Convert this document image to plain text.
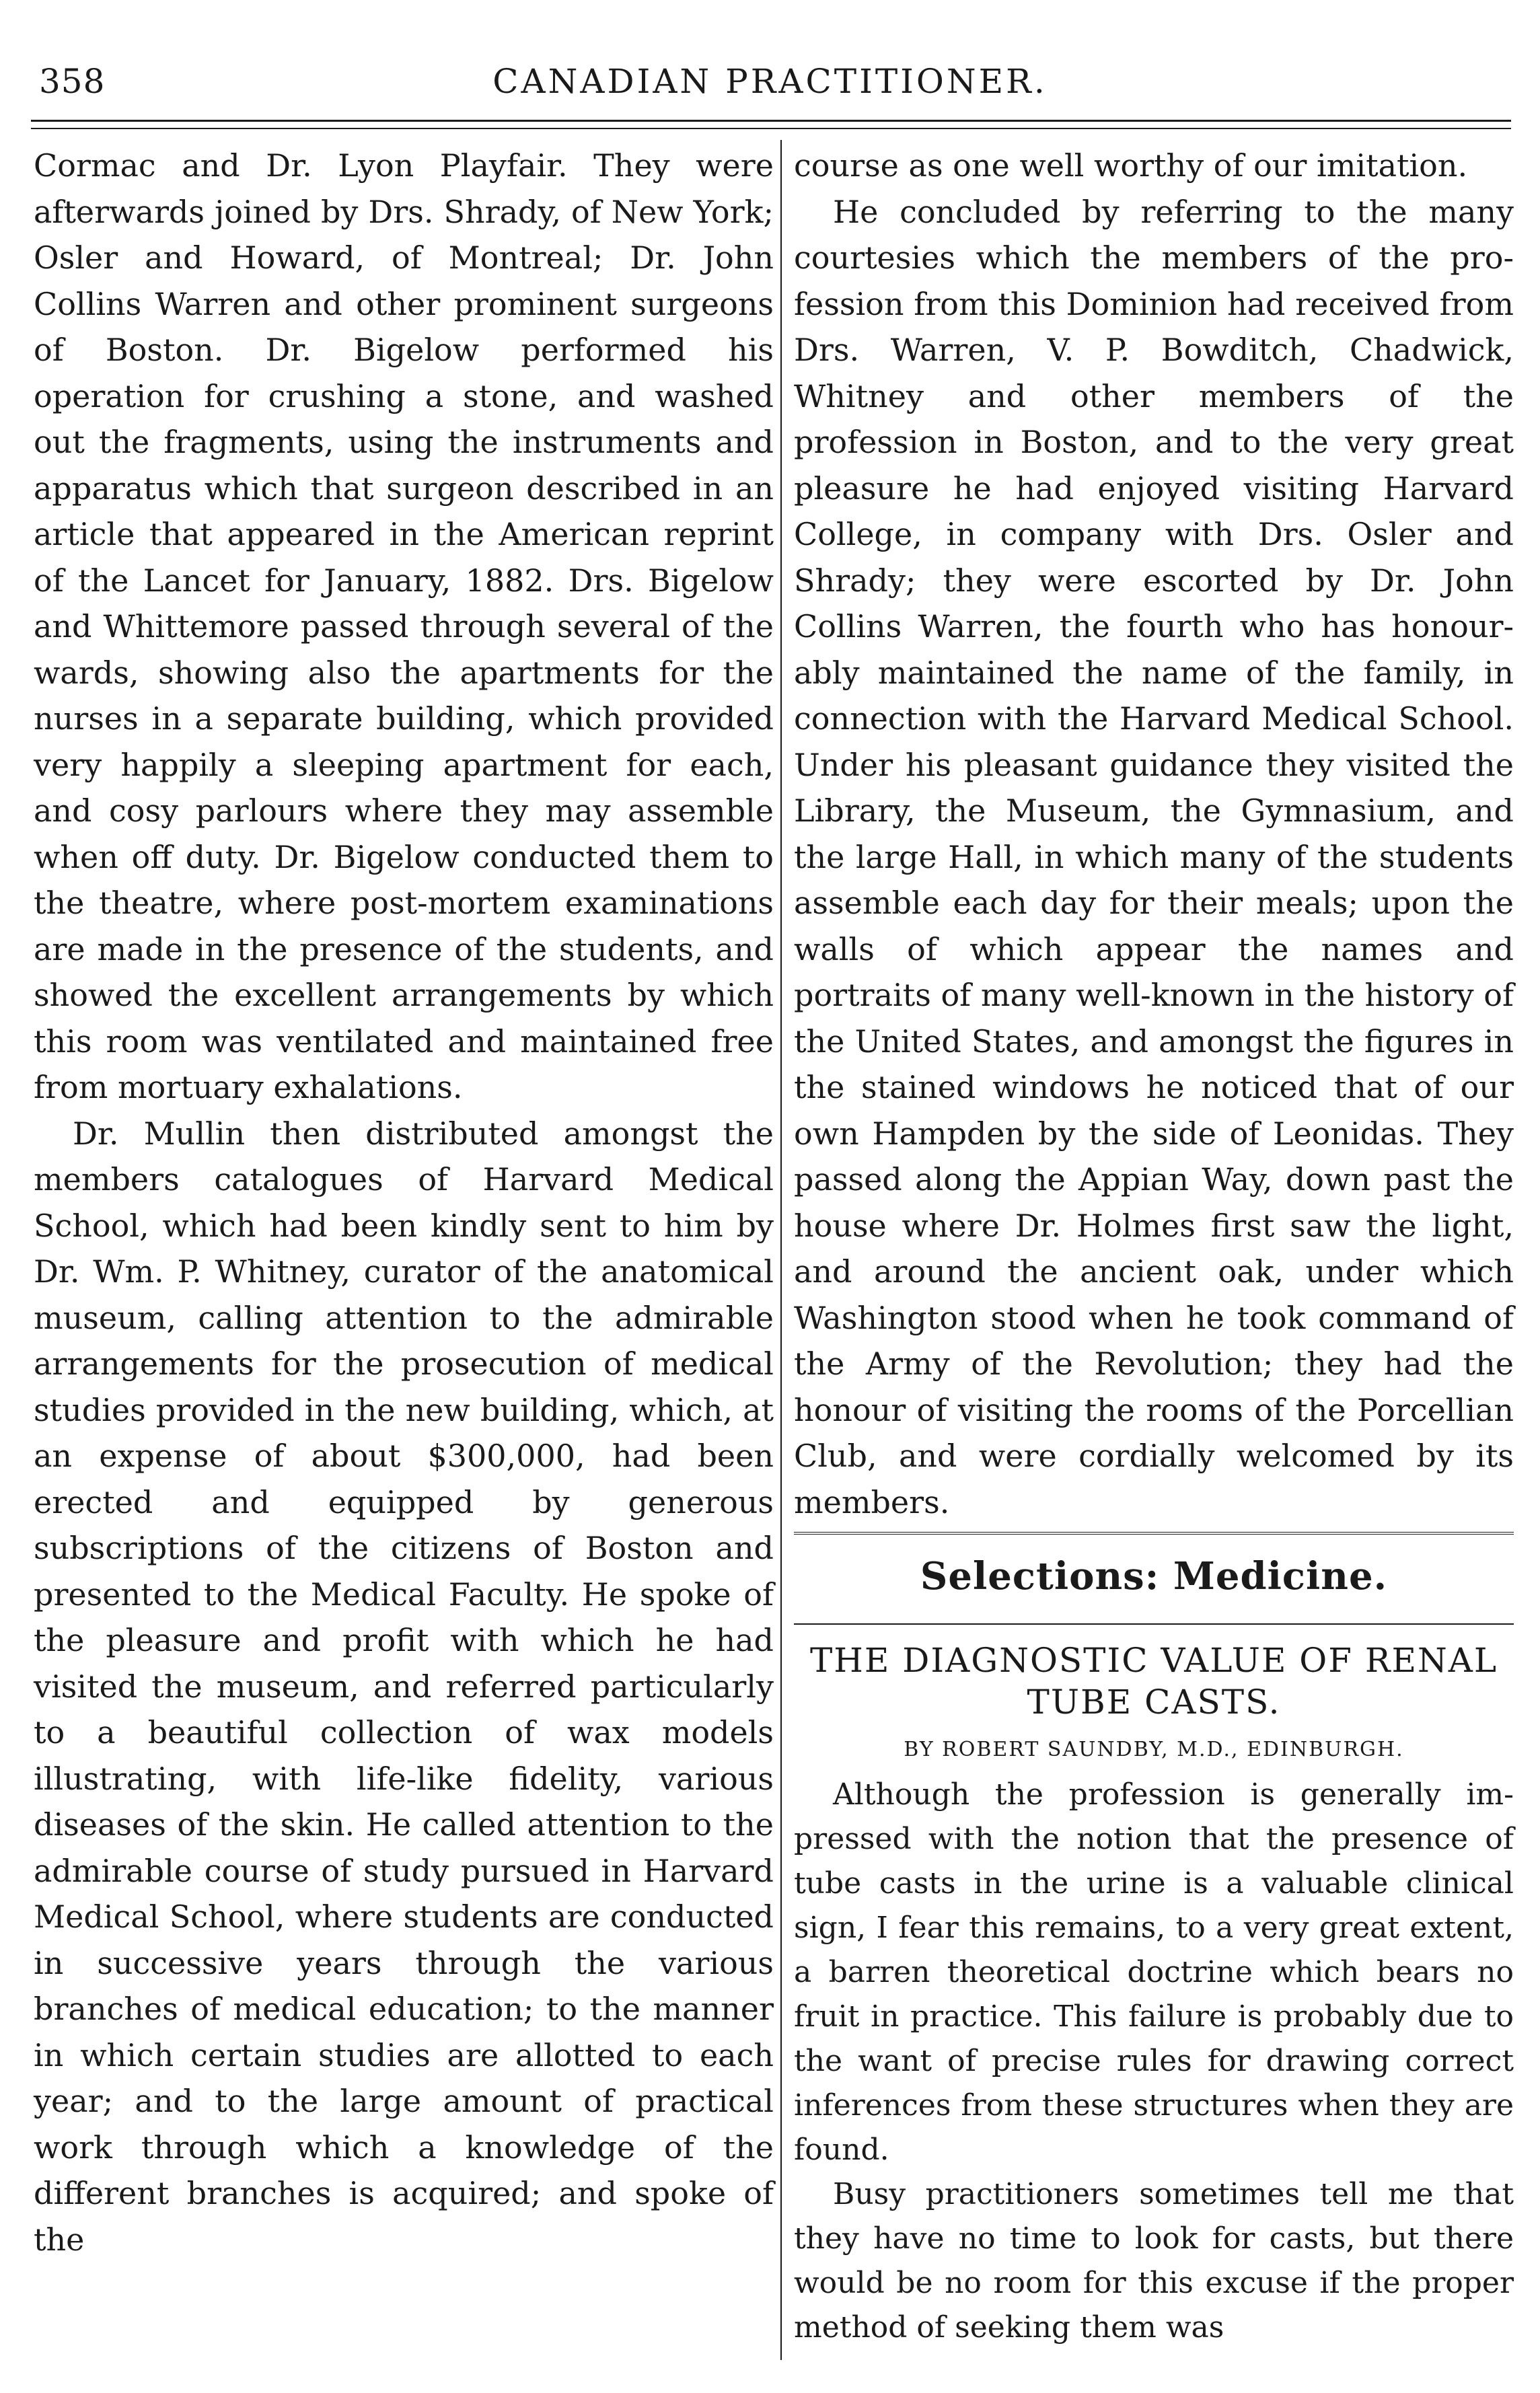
358	CANADIAN PRACTITIONER.

Cormac and Dr. Lyon Playfair. They were afterwards joined by Drs. Shrady, of New York; Osler and Howard, of Montreal; Dr. John Collins Warren and other prominent surgeons of Boston. Dr. Bigelow performed his operation for crushing a stone, and washed out the fragments, using the instruments and apparatus which that surgeon described in an article that appeared in the American reprint of the Lancet for January, 1882. Drs. Bigelow and Whittemore passed through several of the wards, showing also the apartments for the nurses in a separate building, which provided very happily a sleeping apartment for each, and cosy parlours where they may assemble when off duty. Dr. Bigelow conducted them to the theatre, where post-mortem examinations are made in the presence of the students, and showed the excellent arrangements by which this room was ventilated and maintained free from mortuary exhalations.

Dr. Mullin then distributed amongst the members catalogues of Harvard Medical School, which had been kindly sent to him by Dr. Wm. P. Whitney, curator of the anatomical museum, calling attention to the admirable arrangements for the prosecution of medical studies provided in the new building, which, at an expense of about $300,000, had been erected and equipped by generous subscriptions of the citizens of Boston and presented to the Medical Faculty. He spoke of the pleasure and profit with which he had visited the museum, and referred particularly to a beautiful collection of wax models illustrating, with life-like fidelity, various diseases of the skin. He called attention to the admirable course of study pursued in Harvard Medical School, where students are conducted in successive years through the various branches of medical education; to the manner in which certain studies are allotted to each year; and to the large amount of practical work through which a knowledge of the different branches is acquired; and spoke of the

course as one well worthy of our imitation.

He concluded by referring to the many courtesies which the members of the profession from this Dominion had received from Drs. Warren, V. P. Bowditch, Chadwick, Whitney and other members of the profession in Boston, and to the very great pleasure he had enjoyed visiting Harvard College, in company with Drs. Osler and Shrady; they were escorted by Dr. John Collins Warren, the fourth who has honourably maintained the name of the family, in connection with the Harvard Medical School. Under his pleasant guidance they visited the Library, the Museum, the Gymnasium, and the large Hall, in which many of the students assemble each day for their meals; upon the walls of which appear the names and portraits of many well-known in the history of the United States, and amongst the figures in the stained windows he noticed that of our own Hampden by the side of Leonidas. They passed along the Appian Way, down past the house where Dr. Holmes first saw the light, and around the ancient oak, under which Washington stood when he took command of the Army of the Revolution; they had the honour of visiting the rooms of the Porcellian Club, and were cordially welcomed by its members.

Selections: Medicine.
THE DIAGNOSTIC VALUE OF RENAL
TUBE CASTS.
BY ROBERT SAUNDBY, M.D., EDINBURGH.

Although the profession is generally impressed with the notion that the presence of tube casts in the urine is a valuable clinical sign, I fear this remains, to a very great extent, a barren theoretical doctrine which bears no fruit in practice. This failure is probably due to the want of precise rules for drawing correct inferences from these structures when they are found.

Busy practitioners sometimes tell me that they have no time to look for casts, but there would be no room for this excuse if the proper method of seeking them was
